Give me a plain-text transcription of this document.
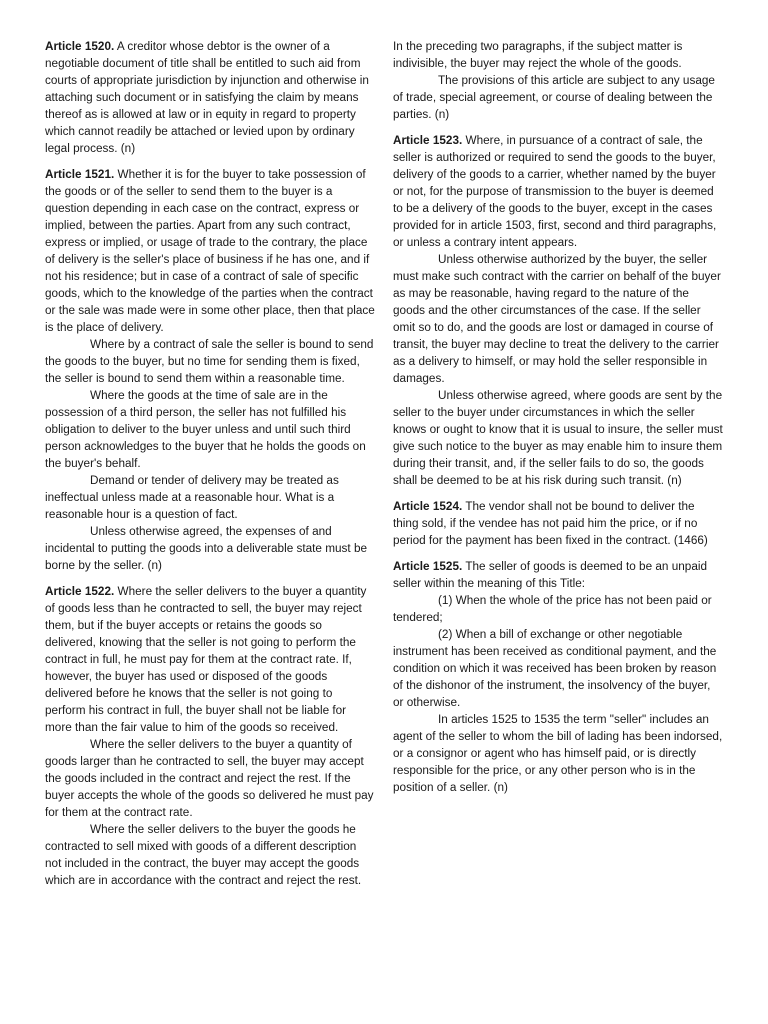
Article 1520. A creditor whose debtor is the owner of a negotiable document of title shall be entitled to such aid from courts of appropriate jurisdiction by injunction and otherwise in attaching such document or in satisfying the claim by means thereof as is allowed at law or in equity in regard to property which cannot readily be attached or levied upon by ordinary legal process. (n)

Article 1521. Whether it is for the buyer to take possession of the goods or of the seller to send them to the buyer is a question depending in each case on the contract, express or implied, between the parties. Apart from any such contract, express or implied, or usage of trade to the contrary, the place of delivery is the seller's place of business if he has one, and if not his residence; but in case of a contract of sale of specific goods, which to the knowledge of the parties when the contract or the sale was made were in some other place, then that place is the place of delivery.

Where by a contract of sale the seller is bound to send the goods to the buyer, but no time for sending them is fixed, the seller is bound to send them within a reasonable time.

Where the goods at the time of sale are in the possession of a third person, the seller has not fulfilled his obligation to deliver to the buyer unless and until such third person acknowledges to the buyer that he holds the goods on the buyer's behalf.

Demand or tender of delivery may be treated as ineffectual unless made at a reasonable hour. What is a reasonable hour is a question of fact.

Unless otherwise agreed, the expenses of and incidental to putting the goods into a deliverable state must be borne by the seller. (n)

Article 1522. Where the seller delivers to the buyer a quantity of goods less than he contracted to sell, the buyer may reject them, but if the buyer accepts or retains the goods so delivered, knowing that the seller is not going to perform the contract in full, he must pay for them at the contract rate. If, however, the buyer has used or disposed of the goods delivered before he knows that the seller is not going to perform his contract in full, the buyer shall not be liable for more than the fair value to him of the goods so received.

Where the seller delivers to the buyer a quantity of goods larger than he contracted to sell, the buyer may accept the goods included in the contract and reject the rest. If the buyer accepts the whole of the goods so delivered he must pay for them at the contract rate.

Where the seller delivers to the buyer the goods he contracted to sell mixed with goods of a different description not included in the contract, the buyer may accept the goods which are in accordance with the contract and reject the rest.

In the preceding two paragraphs, if the subject matter is indivisible, the buyer may reject the whole of the goods.

The provisions of this article are subject to any usage of trade, special agreement, or course of dealing between the parties. (n)

Article 1523. Where, in pursuance of a contract of sale, the seller is authorized or required to send the goods to the buyer, delivery of the goods to a carrier, whether named by the buyer or not, for the purpose of transmission to the buyer is deemed to be a delivery of the goods to the buyer, except in the cases provided for in article 1503, first, second and third paragraphs, or unless a contrary intent appears.

Unless otherwise authorized by the buyer, the seller must make such contract with the carrier on behalf of the buyer as may be reasonable, having regard to the nature of the goods and the other circumstances of the case. If the seller omit so to do, and the goods are lost or damaged in course of transit, the buyer may decline to treat the delivery to the carrier as a delivery to himself, or may hold the seller responsible in damages.

Unless otherwise agreed, where goods are sent by the seller to the buyer under circumstances in which the seller knows or ought to know that it is usual to insure, the seller must give such notice to the buyer as may enable him to insure them during their transit, and, if the seller fails to do so, the goods shall be deemed to be at his risk during such transit. (n)

Article 1524. The vendor shall not be bound to deliver the thing sold, if the vendee has not paid him the price, or if no period for the payment has been fixed in the contract. (1466)

Article 1525. The seller of goods is deemed to be an unpaid seller within the meaning of this Title:

(1) When the whole of the price has not been paid or tendered;

(2) When a bill of exchange or other negotiable instrument has been received as conditional payment, and the condition on which it was received has been broken by reason of the dishonor of the instrument, the insolvency of the buyer, or otherwise.

In articles 1525 to 1535 the term "seller" includes an agent of the seller to whom the bill of lading has been indorsed, or a consignor or agent who has himself paid, or is directly responsible for the price, or any other person who is in the position of a seller. (n)
